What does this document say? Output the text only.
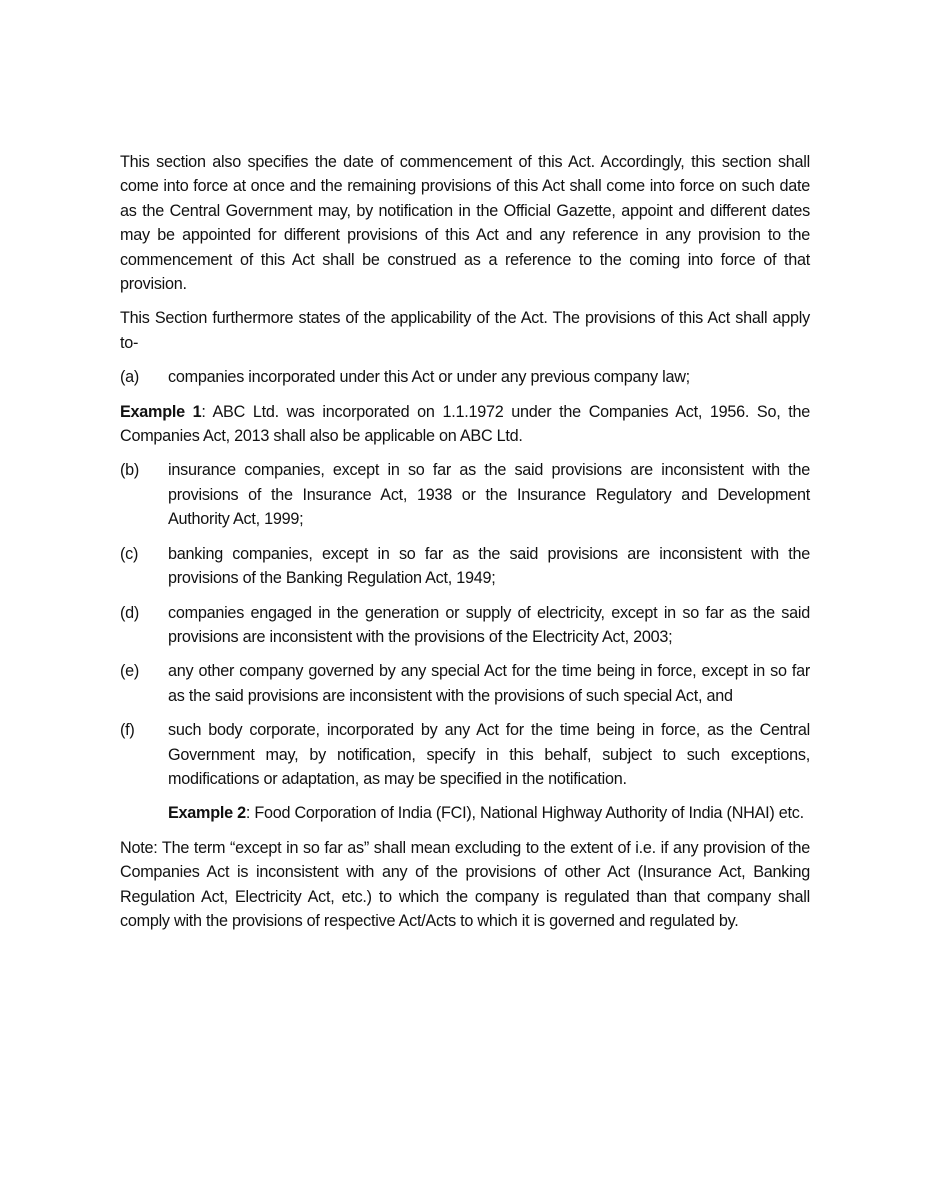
This section also specifies the date of commencement of this Act. Accordingly, this section shall come into force at once and the remaining provisions of this Act shall come into force on such date as the Central Government may, by notification in the Official Gazette, appoint and different dates may be appointed for different provisions of this Act and any reference in any provision to the commencement of this Act shall be construed as a reference to the coming into force of that provision.

This Section furthermore states of the applicability of the Act. The provisions of this Act shall apply to-

(a)	companies incorporated under this Act or under any previous company law;

Example 1: ABC Ltd. was incorporated on 1.1.1972 under the Companies Act, 1956. So, the Companies Act, 2013 shall also be applicable on ABC Ltd.

(b)	insurance companies, except in so far as the said provisions are inconsistent with the provisions of the Insurance Act, 1938 or the Insurance Regulatory and Development Authority Act, 1999;
(c)	banking companies, except in so far as the said provisions are inconsistent with the provisions of the Banking Regulation Act, 1949;
(d)	companies engaged in the generation or supply of electricity, except in so far as the said provisions are inconsistent with the provisions of the Electricity Act, 2003;
(e)	any other company governed by any special Act for the time being in force, except in so far as the said provisions are inconsistent with the provisions of such special Act, and
(f)	such body corporate, incorporated by any Act for the time being in force, as the Central Government may, by notification, specify in this behalf, subject to such exceptions, modifications or adaptation, as may be specified in the notification.

Example 2: Food Corporation of India (FCI), National Highway Authority of India (NHAI) etc.

Note: The term “except in so far as” shall mean excluding to the extent of i.e. if any provision of the Companies Act is inconsistent with any of the provisions of other Act (Insurance Act, Banking Regulation Act, Electricity Act, etc.) to which the company is regulated than that company shall comply with the provisions of respective Act/Acts to which it is governed and regulated by.
